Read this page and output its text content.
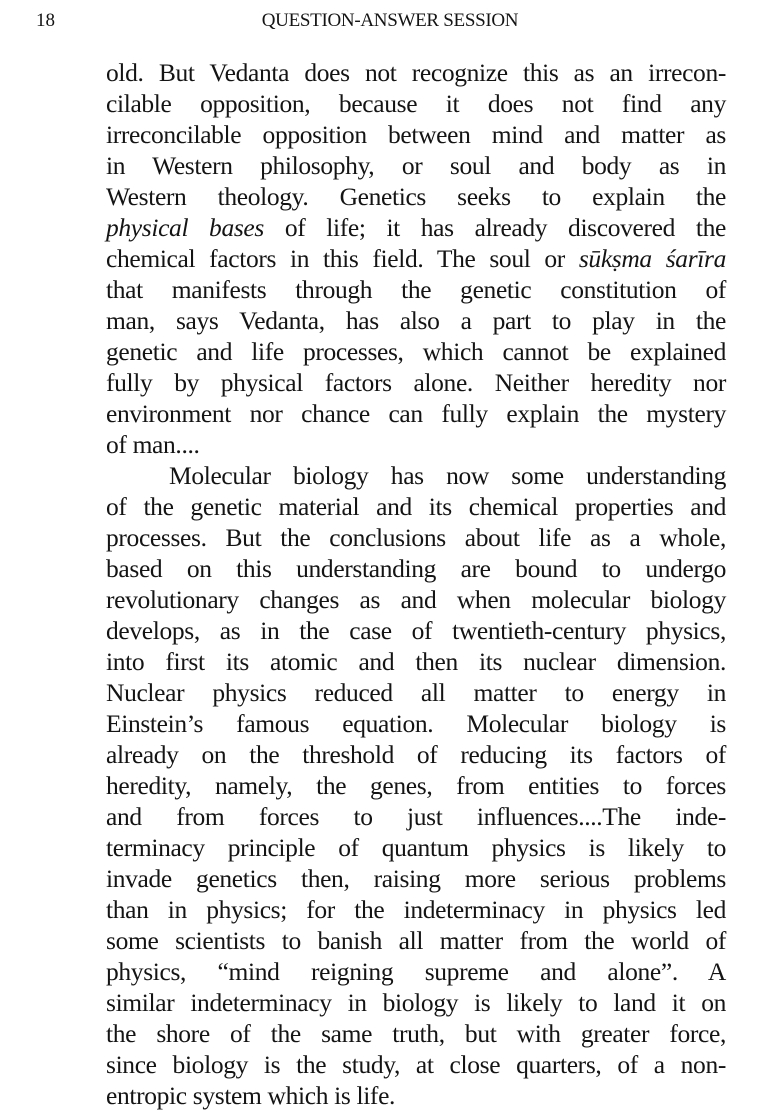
18	QUESTION-ANSWER SESSION
old. But Vedanta does not recognize this as an irrecon-
cilable opposition, because it does not find any
irreconcilable opposition between mind and matter as
in Western philosophy, or soul and body as in
Western theology. Genetics seeks to explain the
physical bases of life; it has already discovered the
chemical factors in this field. The soul or sūkṣma śarīra
that manifests through the genetic constitution of
man, says Vedanta, has also a part to play in the
genetic and life processes, which cannot be explained
fully by physical factors alone. Neither heredity nor
environment nor chance can fully explain the mystery
of man....
Molecular biology has now some understanding
of the genetic material and its chemical properties and
processes. But the conclusions about life as a whole,
based on this understanding are bound to undergo
revolutionary changes as and when molecular biology
develops, as in the case of twentieth-century physics,
into first its atomic and then its nuclear dimension.
Nuclear physics reduced all matter to energy in
Einstein’s famous equation. Molecular biology is
already on the threshold of reducing its factors of
heredity, namely, the genes, from entities to forces
and from forces to just influences....The inde-
terminacy principle of quantum physics is likely to
invade genetics then, raising more serious problems
than in physics; for the indeterminacy in physics led
some scientists to banish all matter from the world of
physics, “mind reigning supreme and alone”. A
similar indeterminacy in biology is likely to land it on
the shore of the same truth, but with greater force,
since biology is the study, at close quarters, of a non-
entropic system which is life.
